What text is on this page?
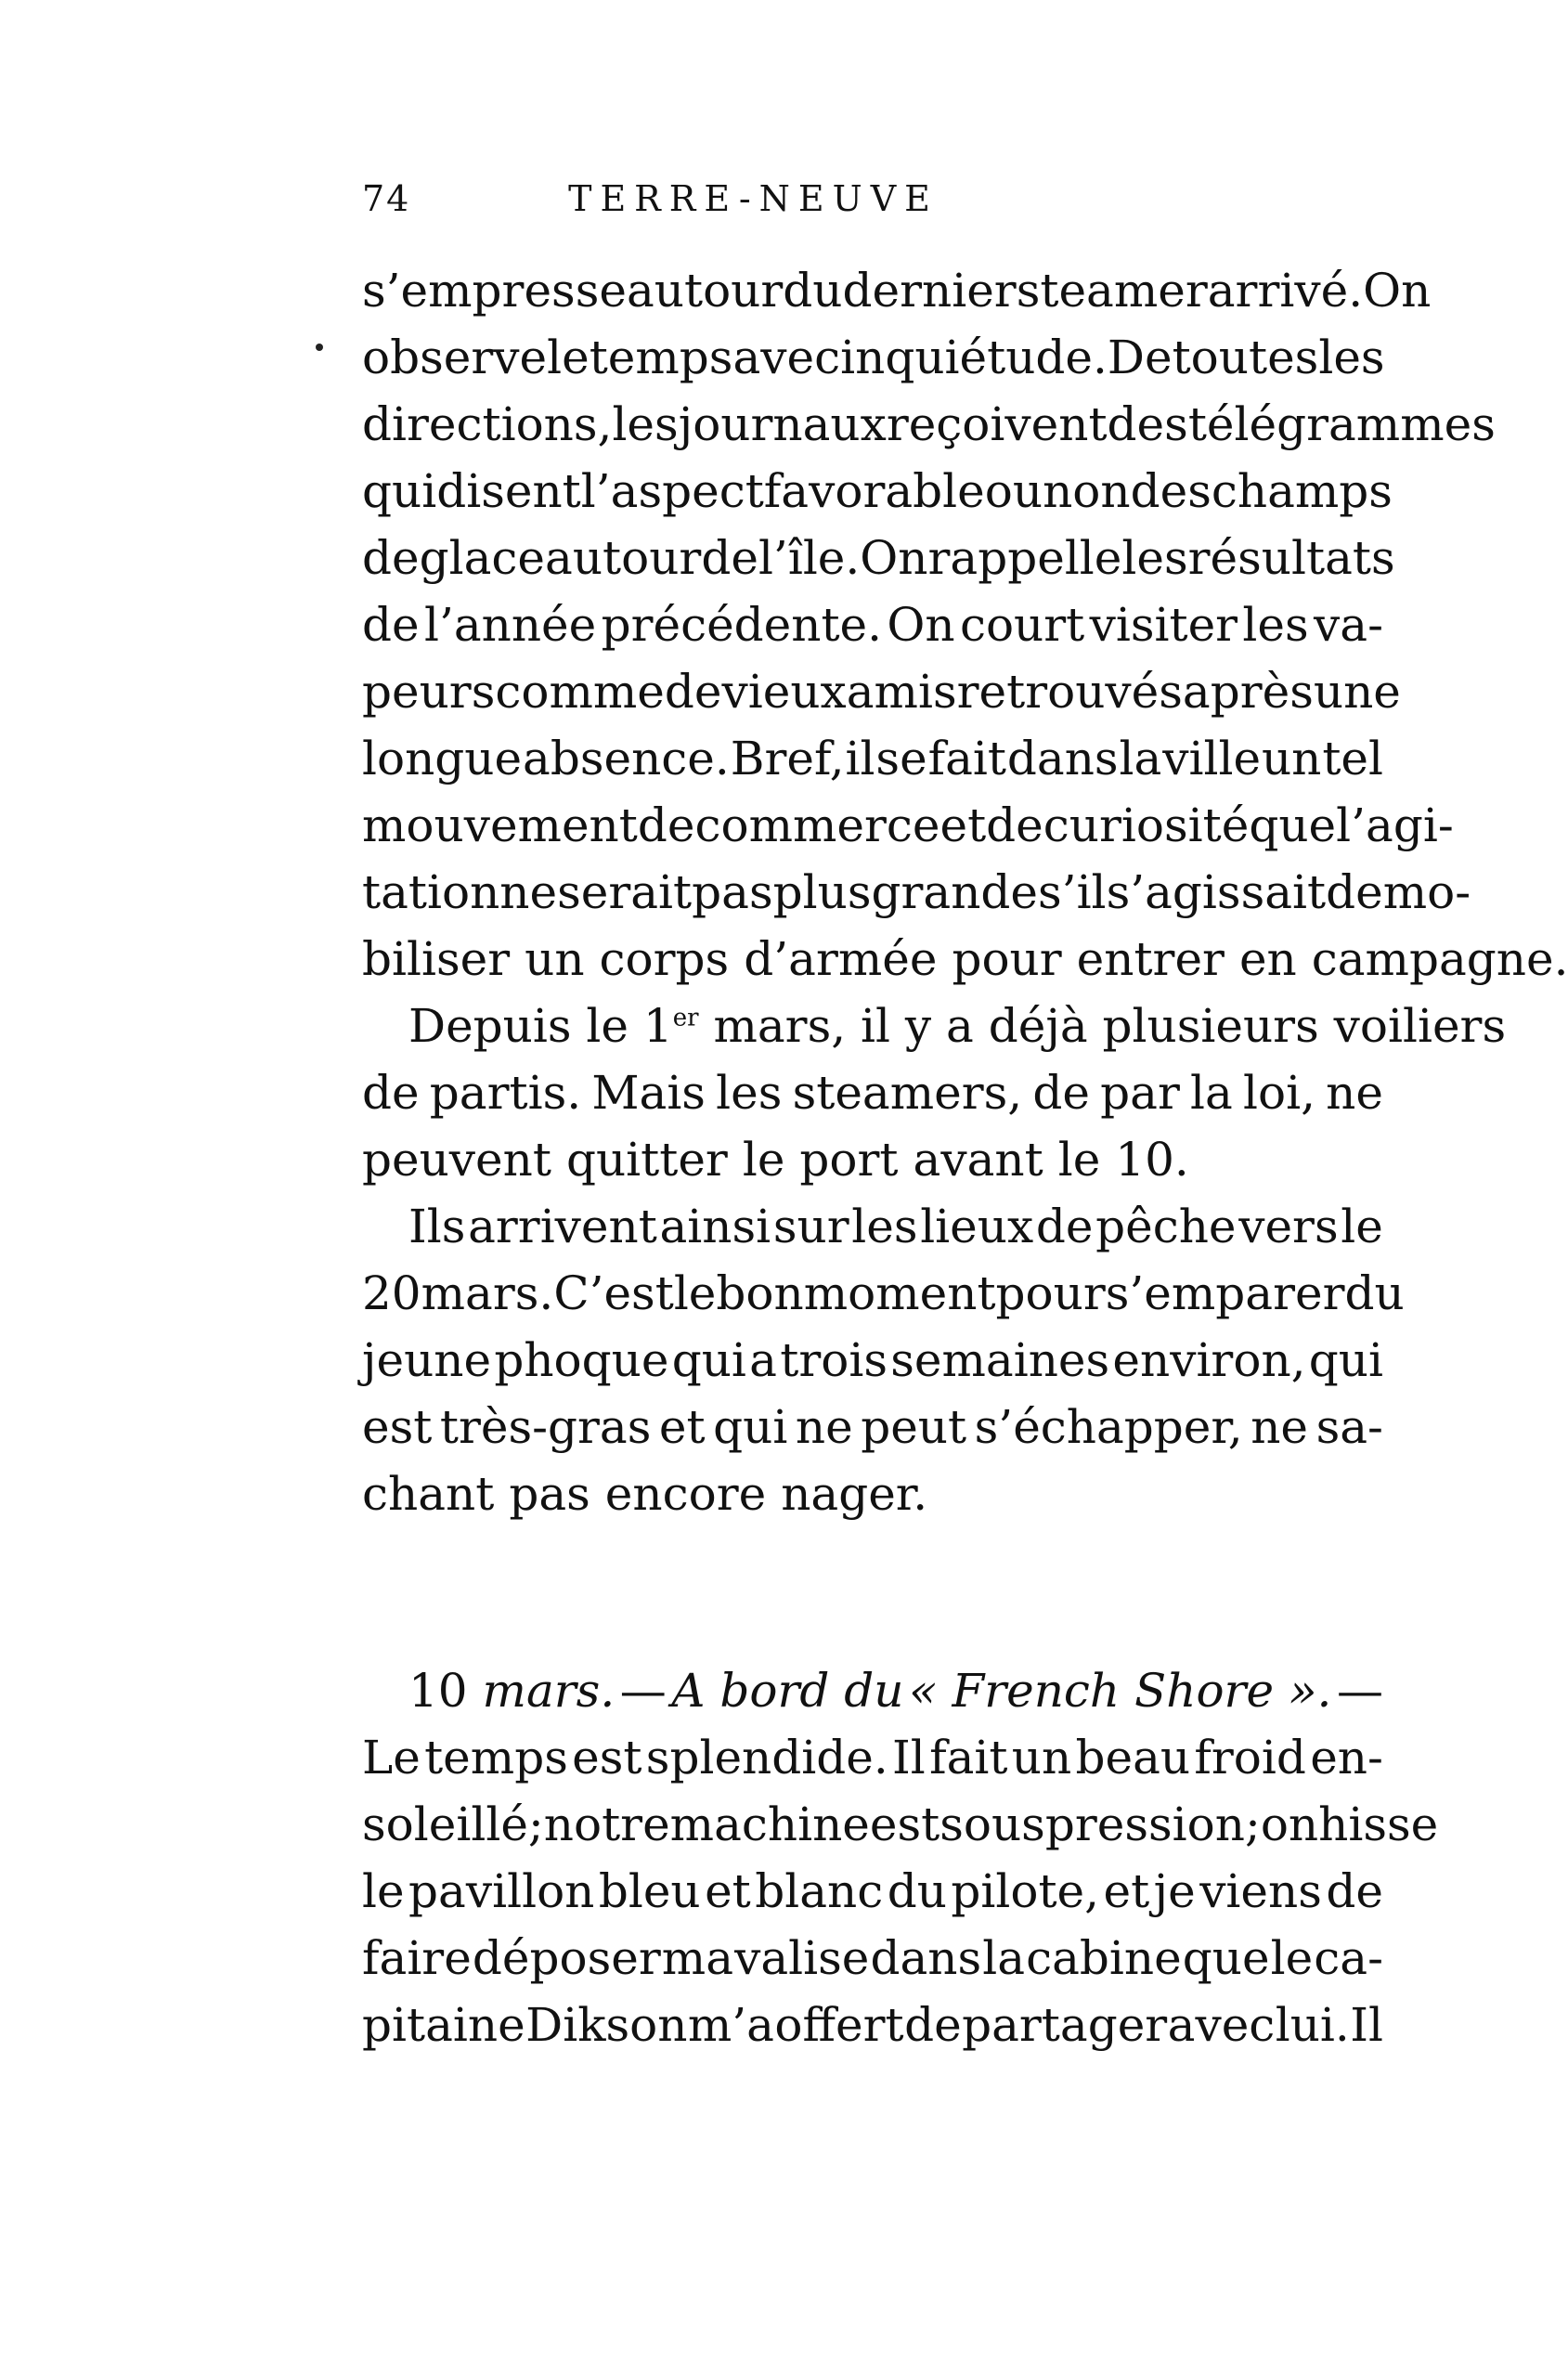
74	TERRE-NEUVE
s’empresse autour du dernier steamer arrivé. On
observe le temps avec inquiétude. De toutes les
directions, les journaux reçoivent des télégrammes
qui disent l’aspect favorable ou non des champs
de glace autour de l’île. On rappelle les résultats
de l’année précédente. On court visiter les va-
peurs comme de vieux amis retrouvés après une
longue absence. Bref, il se fait dans la ville un tel
mouvement de commerce et de curiosité que l’agi-
tation ne serait pas plus grande s’il s’agissait de mo-
biliser un corps d’armée pour entrer en campagne.
Depuis le 1er mars, il y a déjà plusieurs voiliers
de partis. Mais les steamers, de par la loi, ne
peuvent quitter le port avant le 10.
Ils arrivent ainsi sur les lieux de pêche vers le
20 mars. C’est le bon moment pour s’emparer du
jeune phoque qui a trois semaines environ, qui
est très-gras et qui ne peut s’échapper, ne sa-
chant pas encore nager.
10 mars. — A bord du « French Shore ». —
Le temps est splendide. Il fait un beau froid en-
soleillé ; notre machine est sous pression ; on hisse
le pavillon bleu et blanc du pilote, et je viens de
faire déposer ma valise dans la cabine que le ca-
pitaine Dikson m’a offert de partager avec lui. Il
